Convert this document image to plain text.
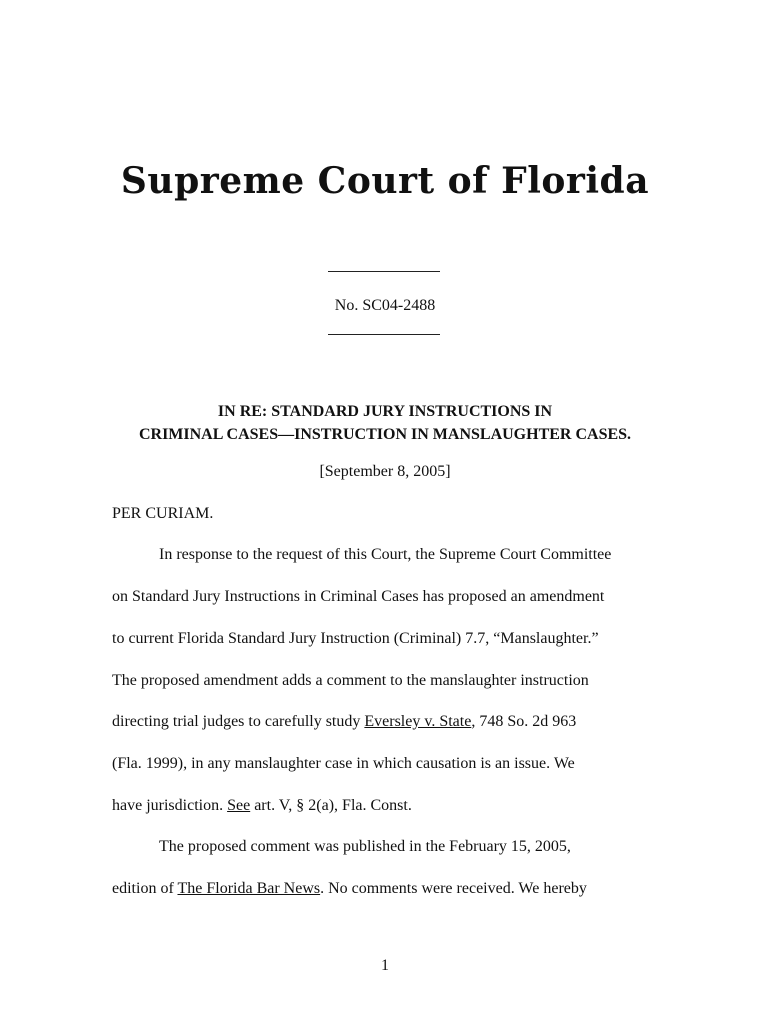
Supreme Court of Florida
No. SC04-2488
IN RE: STANDARD JURY INSTRUCTIONS IN
CRIMINAL CASES—INSTRUCTION IN MANSLAUGHTER CASES.
[September 8, 2005]
PER CURIAM.
In response to the request of this Court, the Supreme Court Committee
on Standard Jury Instructions in Criminal Cases has proposed an amendment
to current Florida Standard Jury Instruction (Criminal) 7.7, “Manslaughter.”
The proposed amendment adds a comment to the manslaughter instruction
directing trial judges to carefully study Eversley v. State, 748 So. 2d 963
(Fla. 1999), in any manslaughter case in which causation is an issue. We
have jurisdiction. See art. V, § 2(a), Fla. Const.
The proposed comment was published in the February 15, 2005,
edition of The Florida Bar News. No comments were received. We hereby
1
